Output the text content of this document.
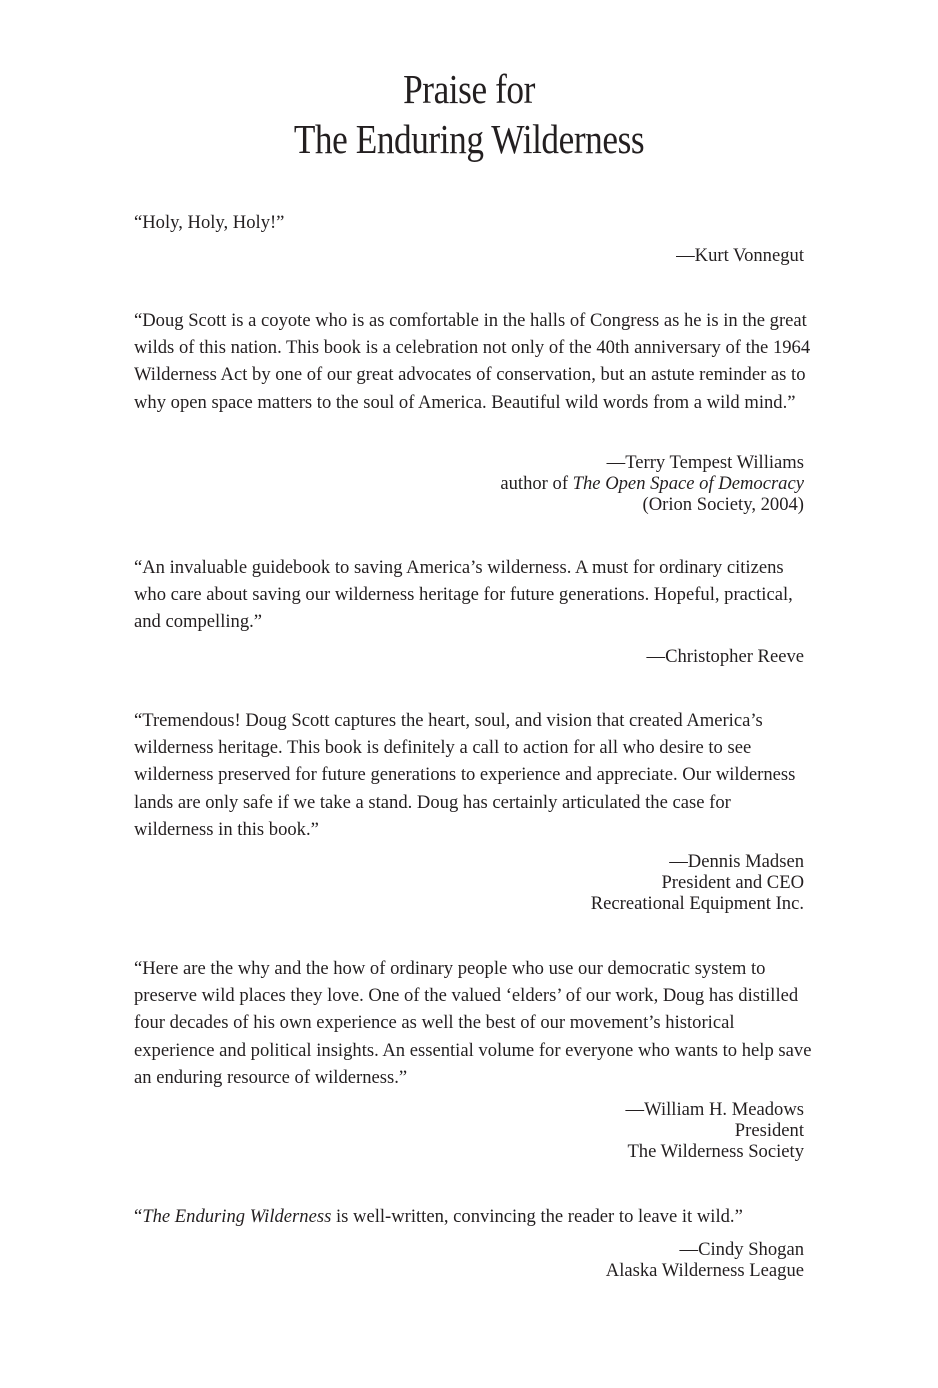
Praise for
The Enduring Wilderness

“Holy, Holy, Holy!”

—Kurt Vonnegut

“Doug Scott is a coyote who is as comfortable in the halls of Congress as he is in the great wilds of this nation. This book is a celebration not only of the 40th anniversary of the 1964 Wilderness Act by one of our great advocates of conservation, but an astute reminder as to why open space matters to the soul of America. Beautiful wild words from a wild mind.”

—Terry Tempest Williams
author of The Open Space of Democracy
(Orion Society, 2004)

“An invaluable guidebook to saving America’s wilderness. A must for ordinary citizens who care about saving our wilderness heritage for future generations. Hopeful, practical, and compelling.”

—Christopher Reeve

“Tremendous! Doug Scott captures the heart, soul, and vision that created America’s wilderness heritage. This book is definitely a call to action for all who desire to see wilderness preserved for future generations to experience and appreciate. Our wilderness lands are only safe if we take a stand. Doug has certainly articulated the case for wilderness in this book.”

—Dennis Madsen
President and CEO
Recreational Equipment Inc.

“Here are the why and the how of ordinary people who use our democratic system to preserve wild places they love. One of the valued ‘elders’ of our work, Doug has distilled four decades of his own experience as well the best of our movement’s historical experience and political insights. An essential volume for everyone who wants to help save an enduring resource of wilderness.”

—William H. Meadows
President
The Wilderness Society

“The Enduring Wilderness is well-written, convincing the reader to leave it wild.”

—Cindy Shogan
Alaska Wilderness League
